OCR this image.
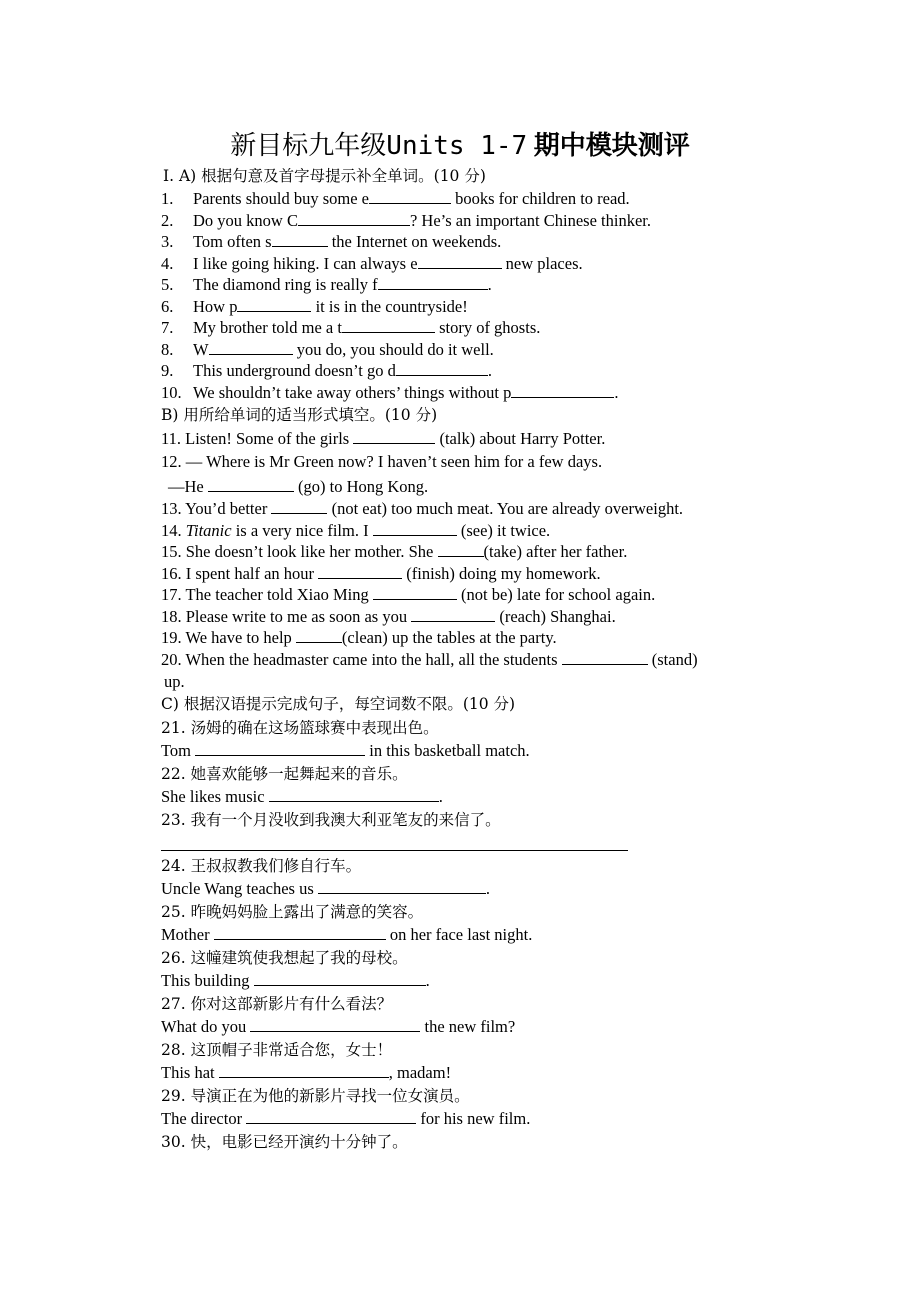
新目标九年级Units 1-7 期中模块测评
Ⅰ. A) 根据句意及首字母提示补全单词。(10 分)
1. Parents should buy some e	books for children to read.
2. Do you know C	? He’s an important Chinese thinker.
3. Tom often s	the Internet on weekends.
4. I like going hiking. I can always e	new places.
5. The diamond ring is really f	.
6. How p	it is in the countryside!
7. My brother told me a t	story of ghosts.
8. W	you do, you should do it well.
9. This underground doesn’t go d	.
10. We shouldn’t take away others’ things without p	.
B) 用所给单词的适当形式填空。(10 分)
11. Listen! Some of the girls	(talk) about Harry Potter.
12. — Where is Mr Green now? I haven’t seen him for a few days.
—He	(go) to Hong Kong.
13. You’d better	(not eat) too much meat. You are already overweight.
14. Titanic is a very nice film. I	(see) it twice.
15. She doesn’t look like her mother. She	(take) after her father.
16. I spent half an hour	(finish) doing my homework.
17. The teacher told Xiao Ming	(not be) late for school again.
18. Please write to me as soon as you	(reach) Shanghai.
19. We have to help	(clean) up the tables at the party.
20. When the headmaster came into the hall, all the students	(stand)
up.
C) 根据汉语提示完成句子，每空词数不限。(10 分)
21. 汤姆的确在这场篮球赛中表现出色。
Tom	in this basketball match.
22. 她喜欢能够一起舞起来的音乐。
She likes music	.
23. 我有一个月没收到我澳大利亚笔友的来信了。
24. 王叔叔教我们修自行车。
Uncle Wang teaches us	.
25. 昨晚妈妈脸上露出了满意的笑容。
Mother	on her face last night.
26. 这幢建筑使我想起了我的母校。
This building	.
27. 你对这部新影片有什么看法？
What do you	the new film?
28. 这顶帽子非常适合您，女士！
This hat	, madam!
29. 导演正在为他的新影片寻找一位女演员。
The director	for his new film.
30. 快，电影已经开演约十分钟了。
